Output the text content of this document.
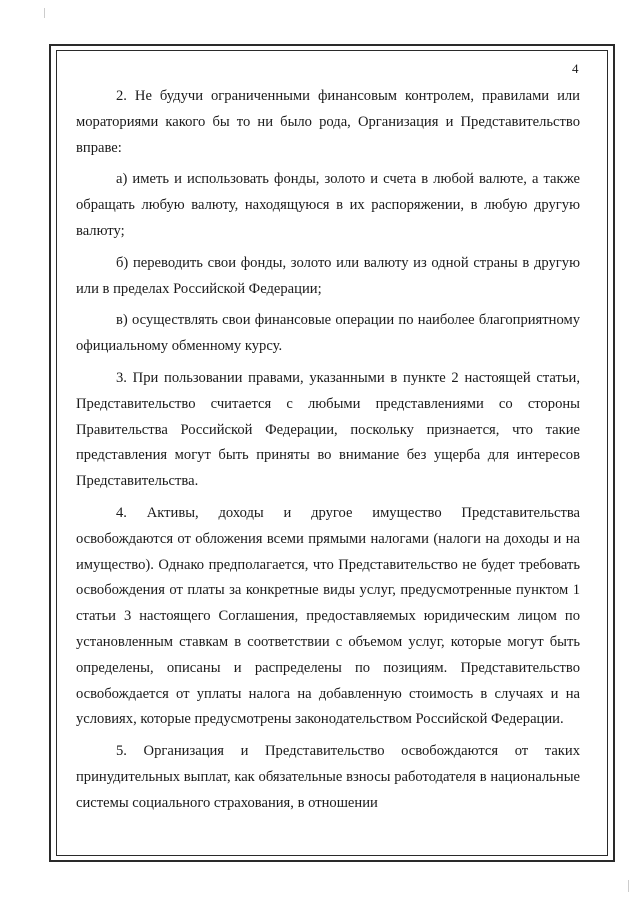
4

2. Не будучи ограниченными финансовым контролем, правилами или мораториями какого бы то ни было рода, Организация и Представительство вправе:

а) иметь и использовать фонды, золото и счета в любой валюте, а также обращать любую валюту, находящуюся в их распоряжении, в любую другую валюту;

б) переводить свои фонды, золото или валюту из одной страны в другую или в пределах Российской Федерации;

в) осуществлять свои финансовые операции по наиболее благоприятному официальному обменному курсу.

3. При пользовании правами, указанными в пункте 2 настоящей статьи, Представительство считается с любыми представлениями со стороны Правительства Российской Федерации, поскольку признается, что такие представления могут быть приняты во внимание без ущерба для интересов Представительства.

4. Активы, доходы и другое имущество Представительства освобождаются от обложения всеми прямыми налогами (налоги на доходы и на имущество). Однако предполагается, что Представительство не будет требовать освобождения от платы за конкретные виды услуг, предусмотренные пунктом 1 статьи 3 настоящего Соглашения, предоставляемых юридическим лицом по установленным ставкам в соответствии с объемом услуг, которые могут быть определены, описаны и распределены по позициям. Представительство освобождается от уплаты налога на добавленную стоимость в случаях и на условиях, которые предусмотрены законодательством Российской Федерации.

5. Организация и Представительство освобождаются от таких принудительных выплат, как обязательные взносы работодателя в национальные системы социального страхования, в отношении
